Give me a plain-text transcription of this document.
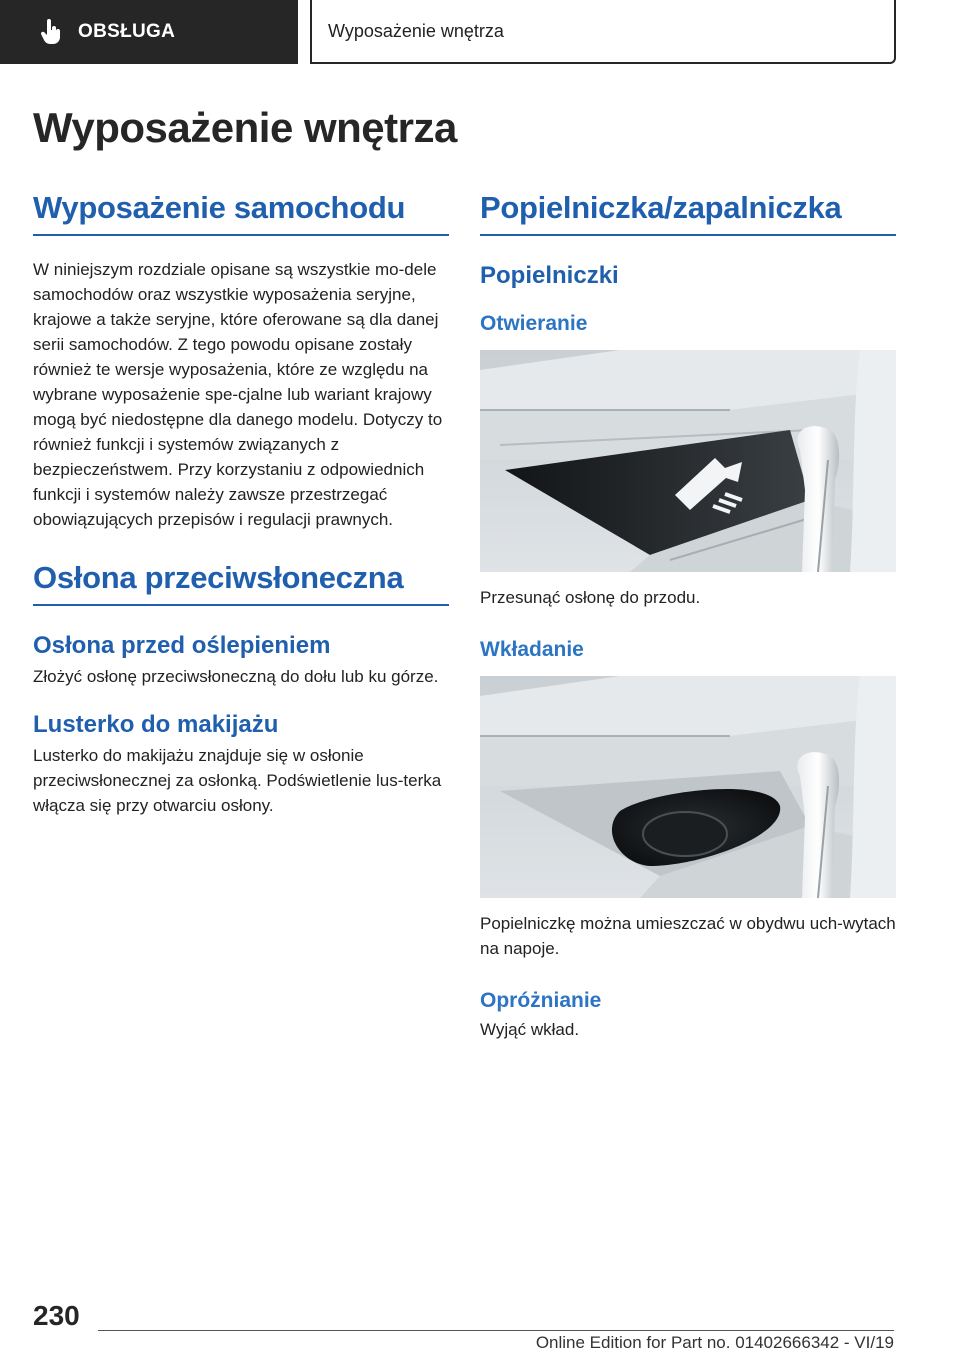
OBSŁUGA	Wyposażenie wnętrza
Wyposażenie wnętrza
Wyposażenie samochodu

W niniejszym rozdziale opisane są wszystkie mo-dele samochodów oraz wszystkie wyposażenia seryjne, krajowe a także seryjne, które oferowane są dla danej serii samochodów. Z tego powodu opisane zostały również te wersje wyposażenia, które ze względu na wybrane wyposażenie spe-cjalne lub wariant krajowy mogą być niedostępne dla danego modelu. Dotyczy to również funkcji i systemów związanych z bezpieczeństwem. Przy korzystaniu z odpowiednich funkcji i systemów należy zawsze przestrzegać obowiązujących przepisów i regulacji prawnych.

Osłona przeciwsłoneczna
Osłona przed oślepieniem

Złożyć osłonę przeciwsłoneczną do dołu lub ku górze.

Lusterko do makijażu

Lusterko do makijażu znajduje się w osłonie przeciwsłonecznej za osłonką. Podświetlenie lus-terka włącza się przy otwarciu osłony.

Popielniczka/zapalniczka
Popielniczki
Otwieranie

Przesunąć osłonę do przodu.

Wkładanie

Popielniczkę można umieszczać w obydwu uch-wytach na napoje.

Opróżnianie

Wyjąć wkład.

230
Online Edition for Part no. 01402666342 - VI/19
